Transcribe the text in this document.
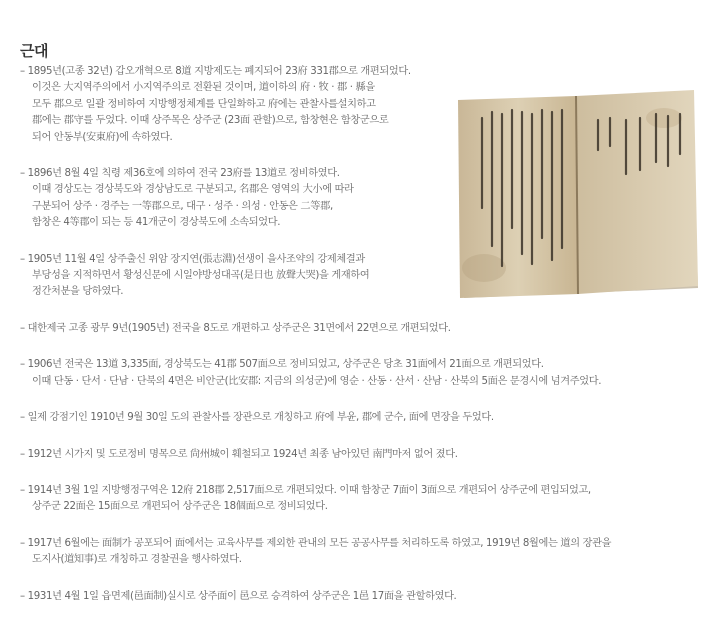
근대
– 1895년(고종 32년) 갑오개혁으로 8道 지방제도는 폐지되어 23府 331郡으로 개편되었다.
이것은 大지역주의에서 小지역주의로 전환된 것이며, 道이하의 府 · 牧 · 郡 · 縣을
모두 郡으로 일괄 정비하여 지방행정체계를 단일화하고 府에는 관찰사를설치하고
郡에는 郡守를 두었다. 이때 상주목은 상주군 (23面 관할)으로, 함창현은 함창군으로
되어 안동부(安東府)에 속하였다.
– 1896년 8월 4일 칙령 제36호에 의하여 전국 23府를 13道로 정비하였다.
이때 경상도는 경상북도와 경상남도로 구분되고, 名郡은 영역의 大小에 따라
구분되어 상주 · 경주는 一等郡으로, 대구 · 성주 · 의성 · 안동은 二等郡,
함창은 4等郡이 되는 등 41개군이 경상북도에 소속되었다.
– 1905년 11월 4일 상주출신 위암 장지연(張志淵)선생이 을사조약의 강제체결과
부당성을 지적하면서 황성신문에 시일야방성대곡(是日也 放聲大哭)을 게재하여
정간처분을 당하였다.
– 대한제국 고종 광무 9년(1905년) 전국을 8도로 개편하고 상주군은 31면에서 22면으로 개편되었다.
– 1906년 전국은 13道 3,335面, 경상북도는 41郡 507面으로 정비되었고, 상주군은 당초 31面에서 21面으로 개편되었다.
이때 단동 · 단서 · 단남 · 단북의 4면은 비안군(比安郡: 지금의 의성군)에 영순 · 산동 · 산서 · 산남 · 산북의 5面은 문경시에 넘겨주었다.
– 일제 강점기인 1910년 9월 30일 도의 관찰사를 장관으로 개칭하고 府에 부윤, 郡에 군수, 面에 면장을 두었다.
– 1912년 시가지 및 도로정비 명목으로 尙州城이 훼철되고 1924년 최종 남아있던 南門마저 없어 졌다.
– 1914년 3월 1일 지방행정구역은 12府 218郡 2,517面으로 개편되었다. 이때 함창군 7面이 3面으로 개편되어 상주군에 편입되었고,
상주군 22面은 15面으로 개편되어 상주군은 18個面으로 정비되었다.
– 1917년 6월에는 面制가 공포되어 面에서는 교육사무를 제외한 관내의 모든 공공사무를 처리하도록 하였고, 1919년 8월에는 道의 장관을
도지사(道知事)로 개칭하고 경찰권을 행사하였다.
– 1931년 4월 1일 읍면제(邑面制)실시로 상주面이 邑으로 승격하여 상주군은 1邑 17面을 관할하였다.
